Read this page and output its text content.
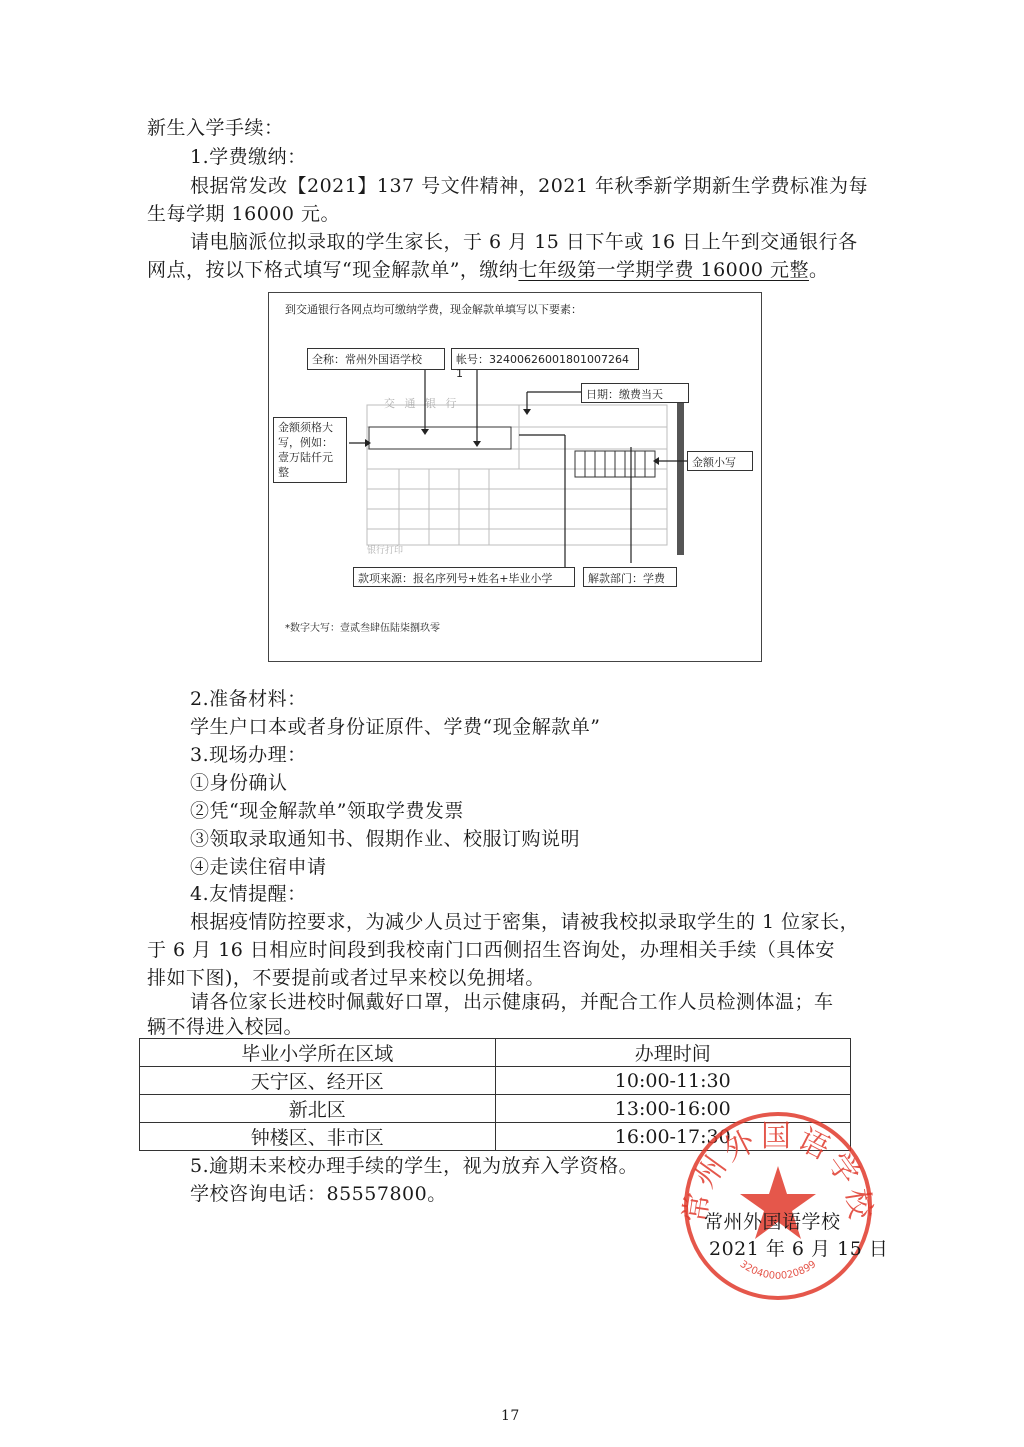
新生入学手续：
1.学费缴纳：
根据常发改【2021】137 号文件精神，2021 年秋季新学期新生学费标准为每
生每学期 16000 元。
请电脑派位拟录取的学生家长，于 6 月 15 日下午或 16 日上午到交通银行各
网点，按以下格式填写“现金解款单”，缴纳七年级第一学期学费 16000 元整。
到交通银行各网点均可缴纳学费，现金解款单填写以下要素：
交 通 银 行
银行打印
全称：常州外国语学校	帐号：32400626001801007264​1
日期：缴费当天
金额须格大写，例如：壹万陆仟元整
金额小写
款项来源：报名序列号+姓名+毕业小学	解款部门：学费
*数字大写：壹贰叁肆伍陆柒捌玖零
2.准备材料：
学生户口本或者身份证原件、学费“现金解款单”
3.现场办理：
①身份确认
②凭“现金解款单”领取学费发票
③领取录取通知书、假期作业、校服订购说明
④走读住宿申请
4.友情提醒：
根据疫情防控要求，为减少人员过于密集，请被我校拟录取学生的 1 位家长，
于 6 月 16 日相应时间段到我校南门口西侧招生咨询处，办理相关手续（具体安
排如下图)，不要提前或者过早来校以免拥堵。
请各位家长进校时佩戴好口罩，出示健康码，并配合工作人员检测体温；车
辆不得进入校园。
毕业小学所在区域	办理时间
天宁区、经开区	10:00-11:30
新北区	13:00-16:00
钟楼区、非市区	16:00-17:30
5.逾期未来校办理手续的学生，视为放弃入学资格。
学校咨询电话：85557800。	常州外国语学校
3204000020899
常州外国语学校
2021 年 6 月 15 日
17
